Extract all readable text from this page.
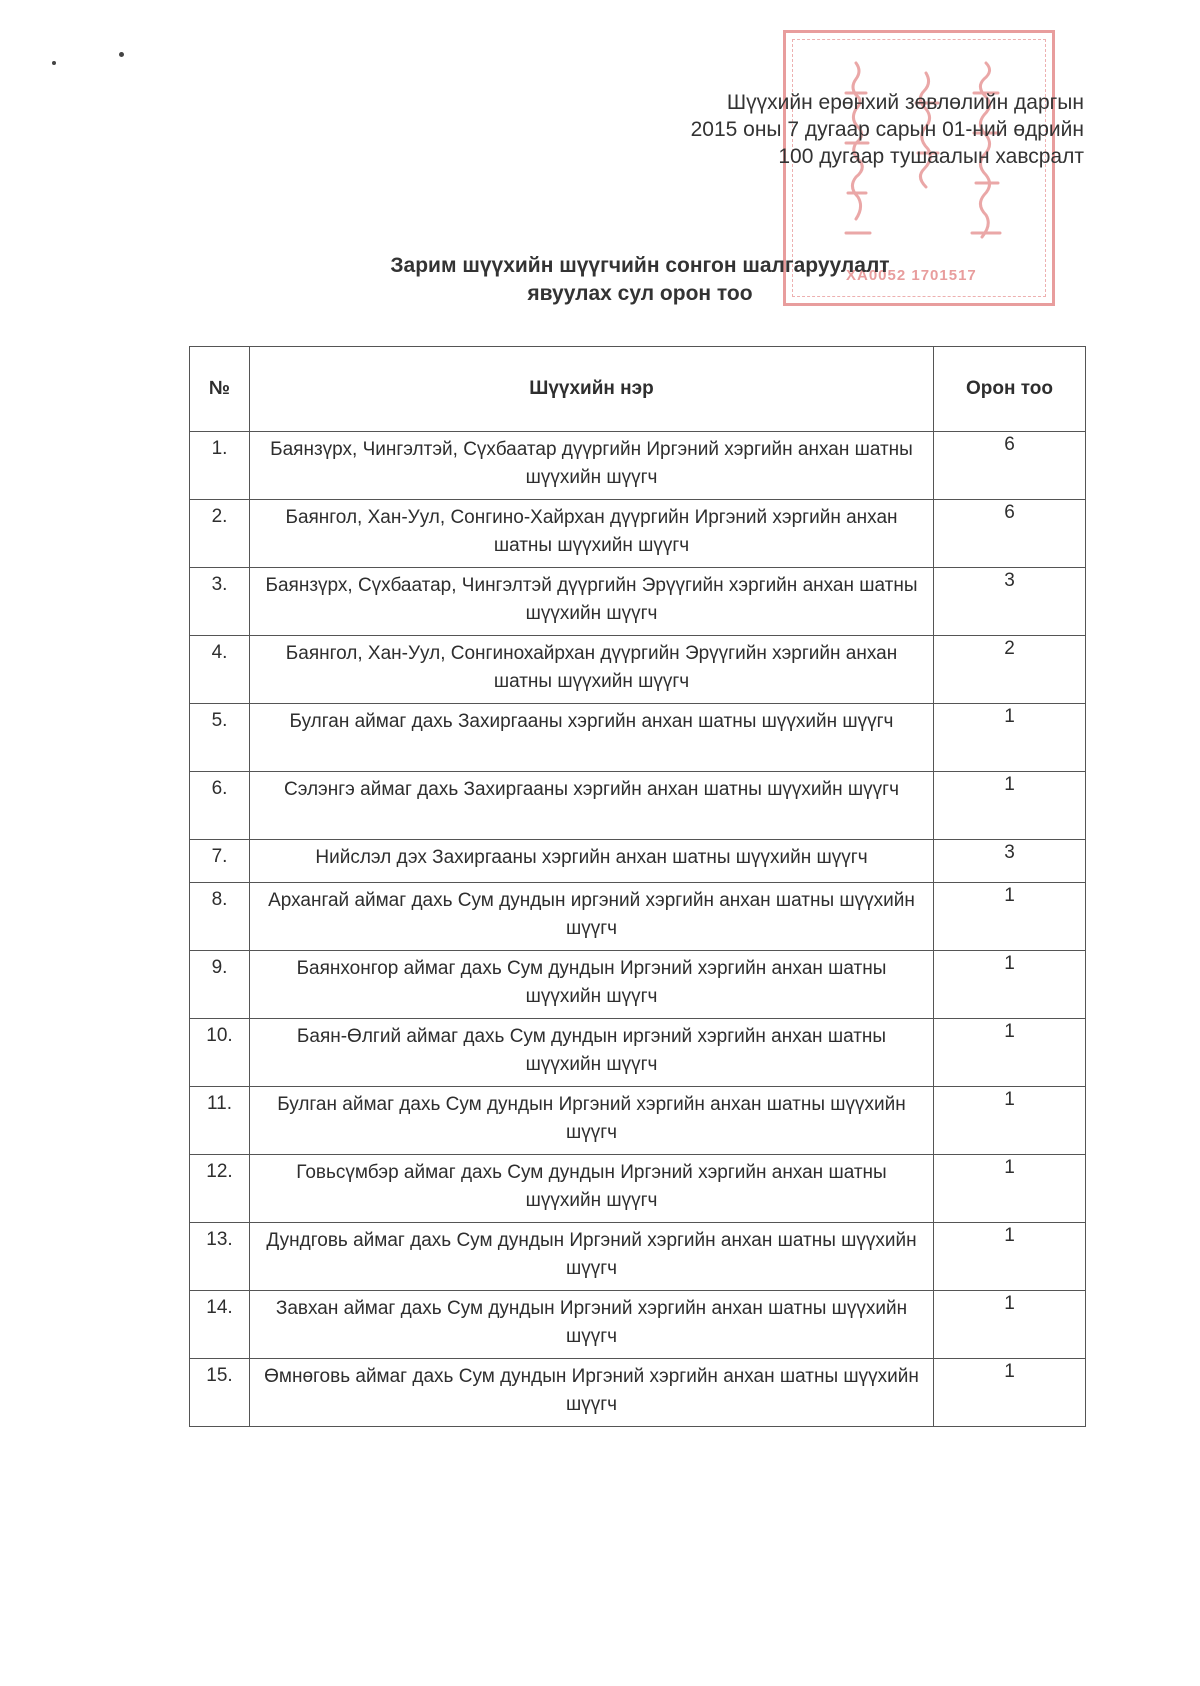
XA0052 1701517
Шүүхийн ерөнхий зөвлөлийн даргын
2015 оны 7 дугаар сарын 01-ний өдрийн
100 дугаар тушаалын хавсралт
Зарим шүүхийн шүүгчийн сонгон шалгаруулалт
явуулах сул орон тоо
№	Шүүхийн нэр	Орон тоо
1.	Баянзүрх, Чингэлтэй, Сүхбаатар дүүргийн Иргэний хэргийн анхан шатны шүүхийн шүүгч	6
2.	Баянгол, Хан-Уул, Сонгино-Хайрхан дүүргийн Иргэний хэргийн анхан шатны шүүхийн шүүгч	6
3.	Баянзүрх, Сүхбаатар, Чингэлтэй дүүргийн Эрүүгийн хэргийн анхан шатны шүүхийн шүүгч	3
4.	Баянгол, Хан-Уул, Сонгинохайрхан дүүргийн Эрүүгийн хэргийн анхан шатны шүүхийн шүүгч	2
5.	Булган аймаг дахь Захиргааны хэргийн анхан шатны шүүхийн шүүгч	1
6.	Сэлэнгэ аймаг дахь Захиргааны хэргийн анхан шатны шүүхийн шүүгч	1
7.	Нийслэл дэх Захиргааны хэргийн анхан шатны шүүхийн шүүгч	3
8.	Архангай аймаг дахь Сум дундын иргэний хэргийн анхан шатны шүүхийн шүүгч	1
9.	Баянхонгор аймаг дахь Сум дундын Иргэний хэргийн анхан шатны шүүхийн шүүгч	1
10.	Баян-Өлгий аймаг дахь Сум дундын иргэний хэргийн анхан шатны шүүхийн шүүгч	1
11.	Булган аймаг дахь Сум дундын Иргэний хэргийн анхан шатны шүүхийн шүүгч	1
12.	Говьсүмбэр аймаг дахь Сум дундын Иргэний хэргийн анхан шатны шүүхийн шүүгч	1
13.	Дундговь аймаг дахь Сум дундын Иргэний хэргийн анхан шатны шүүхийн шүүгч	1
14.	Завхан аймаг дахь Сум дундын Иргэний хэргийн анхан шатны шүүхийн шүүгч	1
15.	Өмнөговь аймаг дахь Сум дундын Иргэний хэргийн анхан шатны шүүхийн шүүгч	1
